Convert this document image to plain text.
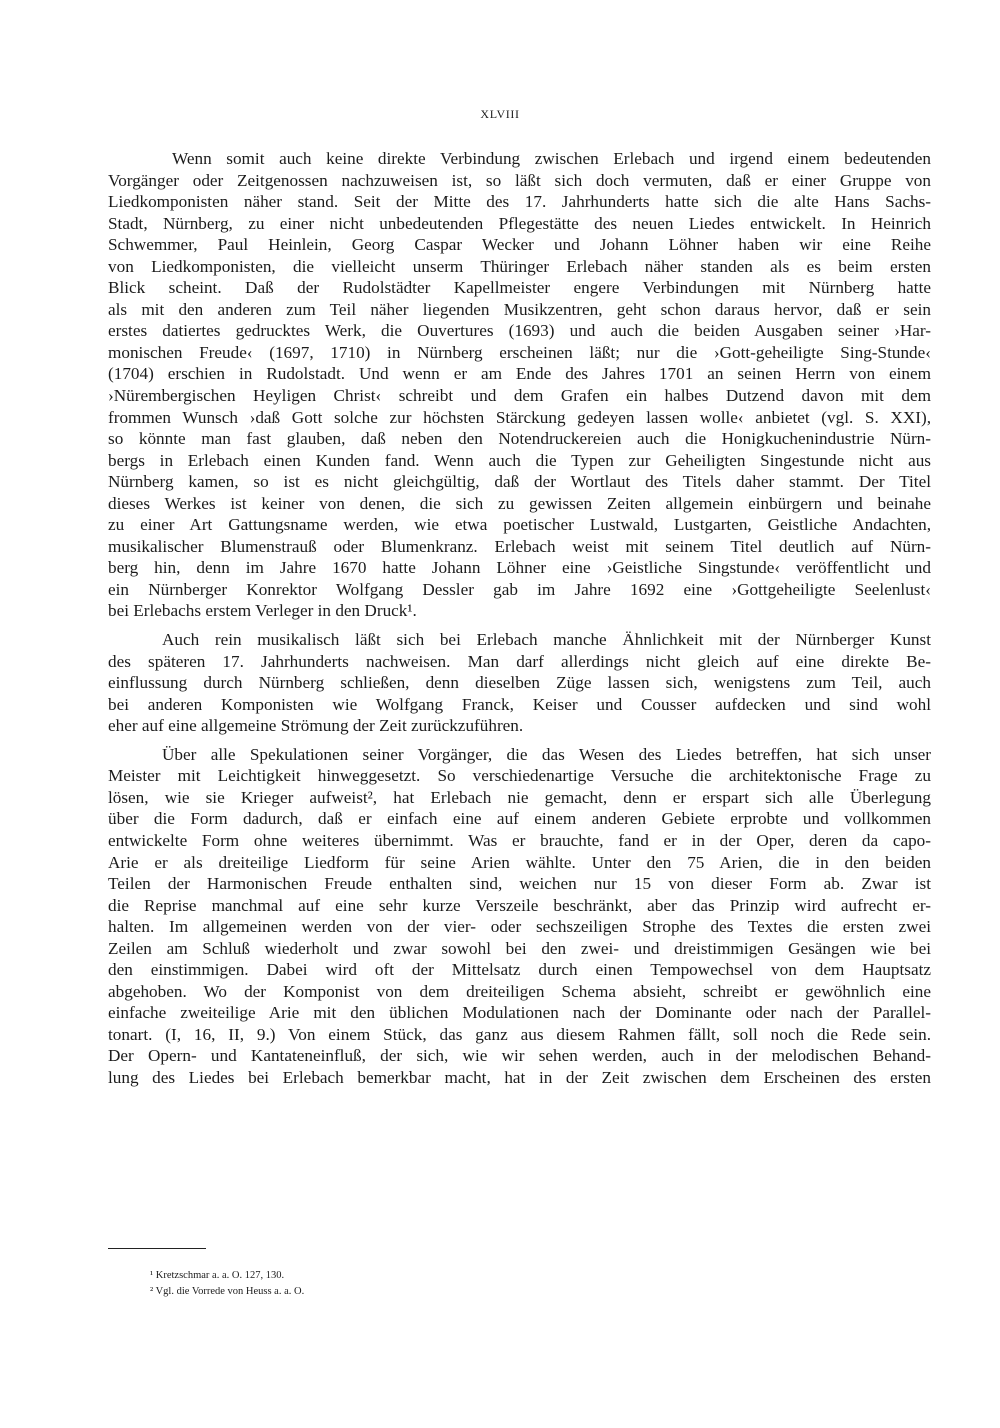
XLVIII

Wenn somit auch keine direkte Verbindung zwischen Erlebach und irgend einem bedeutenden
Vorgänger oder Zeitgenossen nachzuweisen ist, so läßt sich doch vermuten, daß er einer Gruppe von
Liedkomponisten näher stand. Seit der Mitte des 17. Jahrhunderts hatte sich die alte Hans Sachs-
Stadt, Nürnberg, zu einer nicht unbedeutenden Pflegestätte des neuen Liedes entwickelt. In Heinrich
Schwemmer, Paul Heinlein, Georg Caspar Wecker und Johann Löhner haben wir eine Reihe
von Liedkomponisten, die vielleicht unserm Thüringer Erlebach näher standen als es beim ersten
Blick scheint. Daß der Rudolstädter Kapellmeister engere Verbindungen mit Nürnberg hatte
als mit den anderen zum Teil näher liegenden Musikzentren, geht schon daraus hervor, daß er sein
erstes datiertes gedrucktes Werk, die Ouvertures (1693) und auch die beiden Ausgaben seiner ›Har-
monischen Freude‹ (1697, 1710) in Nürnberg erscheinen läßt; nur die ›Gott-geheiligte Sing-Stunde‹
(1704) erschien in Rudolstadt. Und wenn er am Ende des Jahres 1701 an seinen Herrn von einem
›Nürembergischen Heyligen Christ‹ schreibt und dem Grafen ein halbes Dutzend davon mit dem
frommen Wunsch ›daß Gott solche zur höchsten Stärckung gedeyen lassen wolle‹ anbietet (vgl. S. XXI),
so könnte man fast glauben, daß neben den Notendruckereien auch die Honigkuchenindustrie Nürn-
bergs in Erlebach einen Kunden fand. Wenn auch die Typen zur Geheiligten Singestunde nicht aus
Nürnberg kamen, so ist es nicht gleichgültig, daß der Wortlaut des Titels daher stammt. Der Titel
dieses Werkes ist keiner von denen, die sich zu gewissen Zeiten allgemein einbürgern und beinahe
zu einer Art Gattungsname werden, wie etwa poetischer Lustwald, Lustgarten, Geistliche Andachten,
musikalischer Blumenstrauß oder Blumenkranz. Erlebach weist mit seinem Titel deutlich auf Nürn-
berg hin, denn im Jahre 1670 hatte Johann Löhner eine ›Geistliche Singstunde‹ veröffentlicht und
ein Nürnberger Konrektor Wolfgang Dessler gab im Jahre 1692 eine ›Gottgeheiligte Seelenlust‹
bei Erlebachs erstem Verleger in den Druck¹.

Auch rein musikalisch läßt sich bei Erlebach manche Ähnlichkeit mit der Nürnberger Kunst
des späteren 17. Jahrhunderts nachweisen. Man darf allerdings nicht gleich auf eine direkte Be-
einflussung durch Nürnberg schließen, denn dieselben Züge lassen sich, wenigstens zum Teil, auch
bei anderen Komponisten wie Wolfgang Franck, Keiser und Cousser aufdecken und sind wohl
eher auf eine allgemeine Strömung der Zeit zurückzuführen.

Über alle Spekulationen seiner Vorgänger, die das Wesen des Liedes betreffen, hat sich unser
Meister mit Leichtigkeit hinweggesetzt. So verschiedenartige Versuche die architektonische Frage zu
lösen, wie sie Krieger aufweist², hat Erlebach nie gemacht, denn er erspart sich alle Überlegung
über die Form dadurch, daß er einfach eine auf einem anderen Gebiete erprobte und vollkommen
entwickelte Form ohne weiteres übernimmt. Was er brauchte, fand er in der Oper, deren da capo-
Arie er als dreiteilige Liedform für seine Arien wählte. Unter den 75 Arien, die in den beiden
Teilen der Harmonischen Freude enthalten sind, weichen nur 15 von dieser Form ab. Zwar ist
die Reprise manchmal auf eine sehr kurze Verszeile beschränkt, aber das Prinzip wird aufrecht er-
halten. Im allgemeinen werden von der vier- oder sechszeiligen Strophe des Textes die ersten zwei
Zeilen am Schluß wiederholt und zwar sowohl bei den zwei- und dreistimmigen Gesängen wie bei
den einstimmigen. Dabei wird oft der Mittelsatz durch einen Tempowechsel von dem Hauptsatz
abgehoben. Wo der Komponist von dem dreiteiligen Schema absieht, schreibt er gewöhnlich eine
einfache zweiteilige Arie mit den üblichen Modulationen nach der Dominante oder nach der Parallel-
tonart. (I, 16, II, 9.) Von einem Stück, das ganz aus diesem Rahmen fällt, soll noch die Rede sein.
Der Opern- und Kantateneinfluß, der sich, wie wir sehen werden, auch in der melodischen Behand-
lung des Liedes bei Erlebach bemerkbar macht, hat in der Zeit zwischen dem Erscheinen des ersten

¹ Kretzschmar a. a. O. 127, 130.
² Vgl. die Vorrede von Heuss a. a. O.
